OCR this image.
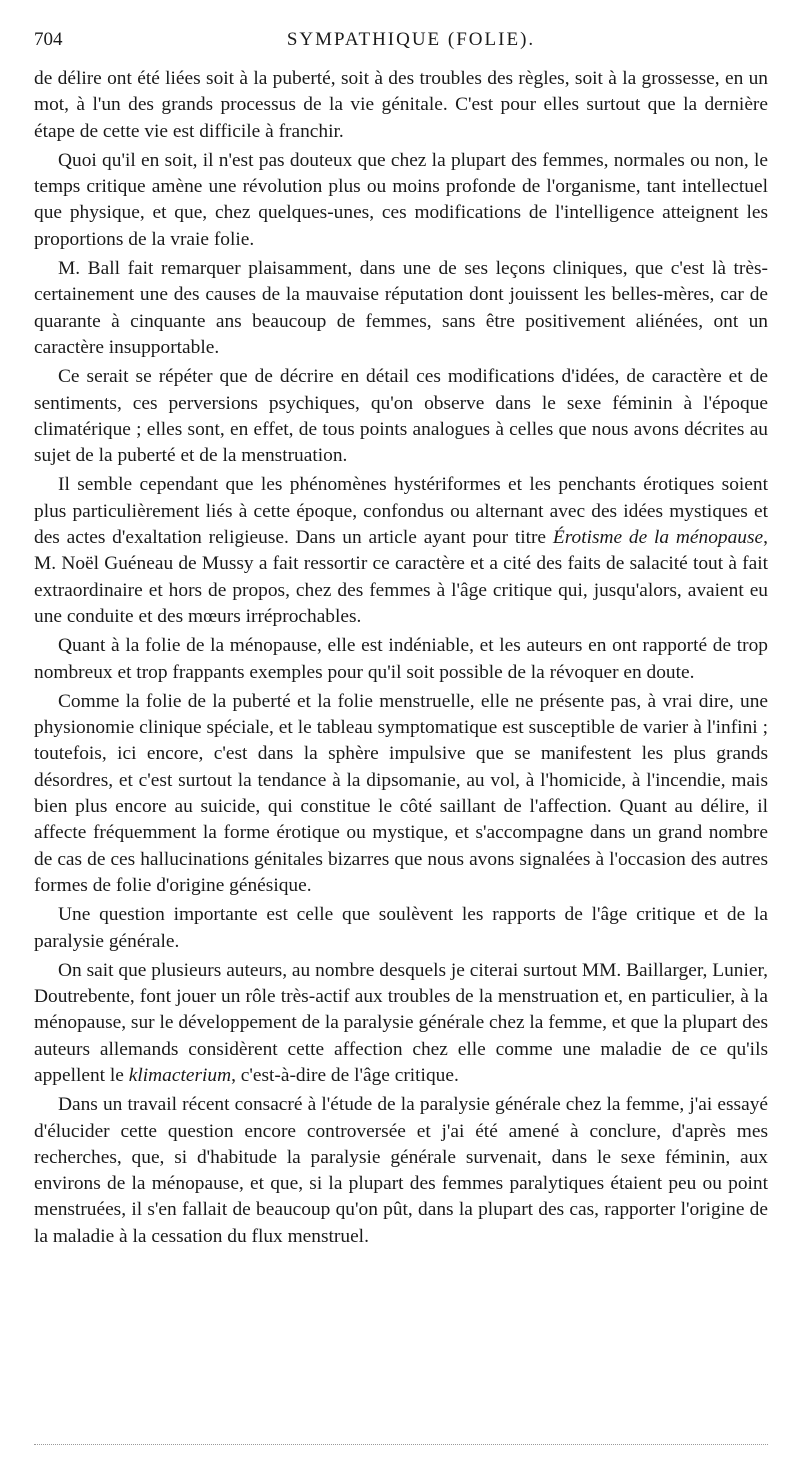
704	SYMPATHIQUE (FOLIE).

de délire ont été liées soit à la puberté, soit à des troubles des règles, soit à la grossesse, en un mot, à l'un des grands processus de la vie génitale. C'est pour elles surtout que la dernière étape de cette vie est difficile à franchir.

Quoi qu'il en soit, il n'est pas douteux que chez la plupart des femmes, normales ou non, le temps critique amène une révolution plus ou moins profonde de l'organisme, tant intellectuel que physique, et que, chez quelques-unes, ces modifications de l'intelligence atteignent les proportions de la vraie folie.

M. Ball fait remarquer plaisamment, dans une de ses leçons cliniques, que c'est là très-certainement une des causes de la mauvaise réputation dont jouissent les belles-mères, car de quarante à cinquante ans beaucoup de femmes, sans être positivement aliénées, ont un caractère insupportable.

Ce serait se répéter que de décrire en détail ces modifications d'idées, de caractère et de sentiments, ces perversions psychiques, qu'on observe dans le sexe féminin à l'époque climatérique ; elles sont, en effet, de tous points analogues à celles que nous avons décrites au sujet de la puberté et de la menstruation.

Il semble cependant que les phénomènes hystériformes et les penchants érotiques soient plus particulièrement liés à cette époque, confondus ou alternant avec des idées mystiques et des actes d'exaltation religieuse. Dans un article ayant pour titre Érotisme de la ménopause, M. Noël Guéneau de Mussy a fait ressortir ce caractère et a cité des faits de salacité tout à fait extraordinaire et hors de propos, chez des femmes à l'âge critique qui, jusqu'alors, avaient eu une conduite et des mœurs irréprochables.

Quant à la folie de la ménopause, elle est indéniable, et les auteurs en ont rapporté de trop nombreux et trop frappants exemples pour qu'il soit possible de la révoquer en doute.

Comme la folie de la puberté et la folie menstruelle, elle ne présente pas, à vrai dire, une physionomie clinique spéciale, et le tableau symptomatique est susceptible de varier à l'infini ; toutefois, ici encore, c'est dans la sphère impulsive que se manifestent les plus grands désordres, et c'est surtout la tendance à la dipsomanie, au vol, à l'homicide, à l'incendie, mais bien plus encore au suicide, qui constitue le côté saillant de l'affection. Quant au délire, il affecte fréquemment la forme érotique ou mystique, et s'accompagne dans un grand nombre de cas de ces hallucinations génitales bizarres que nous avons signalées à l'occasion des autres formes de folie d'origine génésique.

Une question importante est celle que soulèvent les rapports de l'âge critique et de la paralysie générale.

On sait que plusieurs auteurs, au nombre desquels je citerai surtout MM. Baillarger, Lunier, Doutrebente, font jouer un rôle très-actif aux troubles de la menstruation et, en particulier, à la ménopause, sur le développement de la paralysie générale chez la femme, et que la plupart des auteurs allemands considèrent cette affection chez elle comme une maladie de ce qu'ils appellent le klimacterium, c'est-à-dire de l'âge critique.

Dans un travail récent consacré à l'étude de la paralysie générale chez la femme, j'ai essayé d'élucider cette question encore controversée et j'ai été amené à conclure, d'après mes recherches, que, si d'habitude la paralysie générale survenait, dans le sexe féminin, aux environs de la ménopause, et que, si la plupart des femmes paralytiques étaient peu ou point menstruées, il s'en fallait de beaucoup qu'on pût, dans la plupart des cas, rapporter l'origine de la maladie à la cessation du flux menstruel.
